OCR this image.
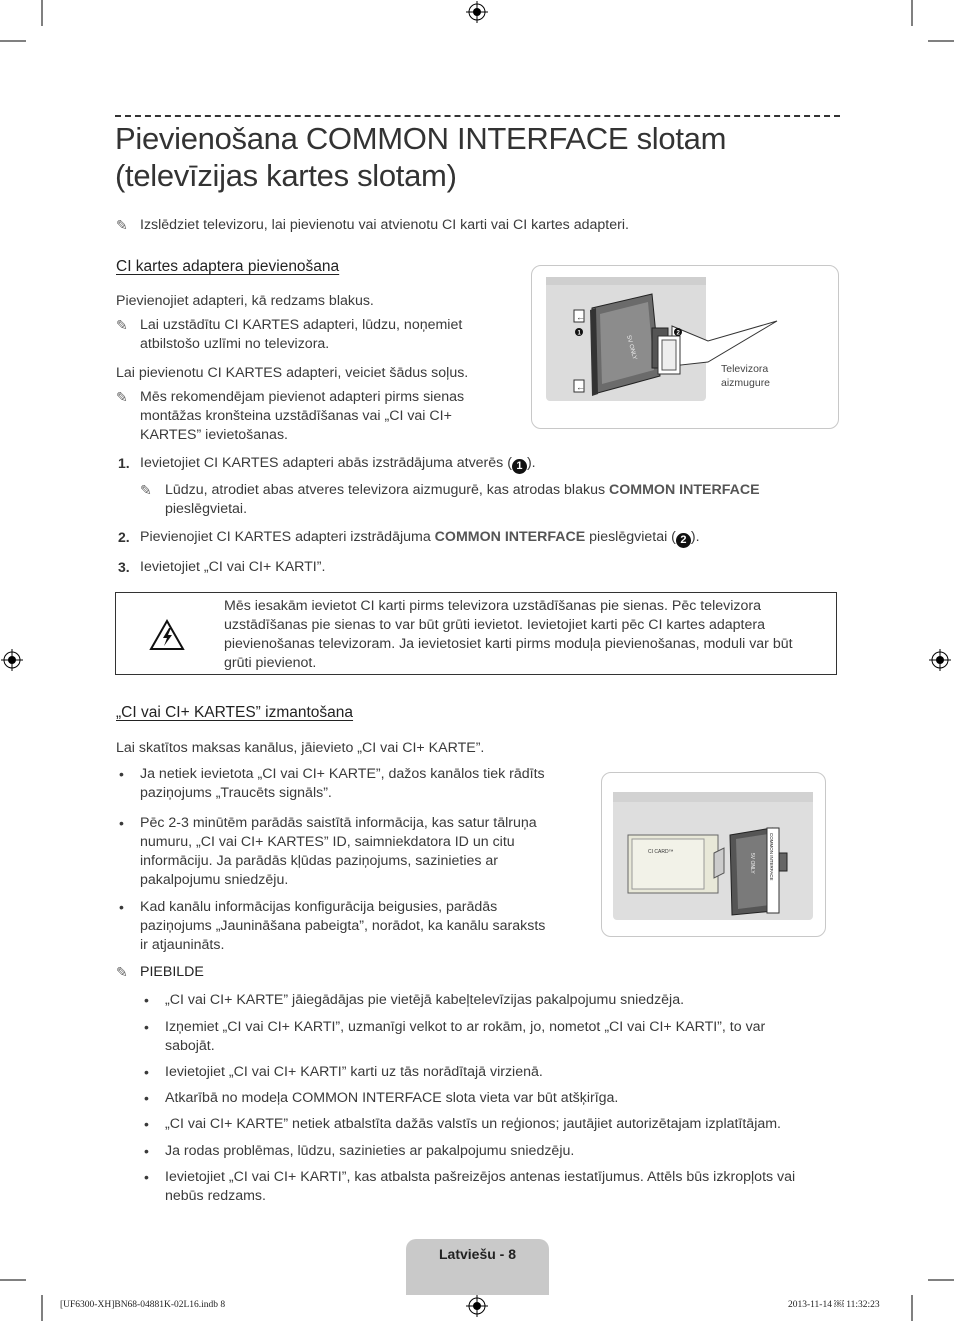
Pievienošana COMMON INTERFACE slotam
(televīzijas kartes slotam)
✎ Izslēdziet televizoru, lai pievienotu vai atvienotu CI karti vai CI kartes adapteri.
CI kartes adaptera pievienošana
Pievienojiet adapteri, kā redzams blakus.
✎ Lai uzstādītu CI KARTES adapteri, lūdzu, noņemiet
atbilstošo uzlīmi no televizora.
Lai pievienotu CI KARTES adapteri, veiciet šādus soļus.
✎ Mēs rekomendējam pievienot adapteri pirms sienas
montāžas kronšteina uzstādīšanas vai „CI vai CI+
KARTES” ievietošanas.
1. Ievietojiet CI KARTES adapteri abās izstrādājuma atverēs ( 1 ).
✎ Lūdzu, atrodiet abas atveres televizora aizmugurē, kas atrodas blakus COMMON INTERFACE
pieslēgvietai.
2. Pievienojiet CI KARTES adapteri izstrādājuma COMMON INTERFACE pieslēgvietai ( 2 ).
3. Ievietojiet „CI vai CI+ KARTI”.
5V ONLY
←
←
1	2
Televizora
aizmugure
Mēs iesakām ievietot CI karti pirms televizora uzstādīšanas pie sienas. Pēc televizora
uzstādīšanas pie sienas to var būt grūti ievietot. Ievietojiet karti pēc CI kartes adaptera
pievienošanas televizoram. Ja ievietosiet karti pirms moduļa pievienošanas, moduli var būt
grūti pievienot.
„CI vai CI+ KARTES” izmantošana
Lai skatītos maksas kanālus, jāievieto „CI vai CI+ KARTE”.
• Ja netiek ievietota „CI vai CI+ KARTE”, dažos kanālos tiek rādīts
paziņojums „Traucēts signāls”.
• Pēc 2-3 minūtēm parādās saistītā informācija, kas satur tālruņa
numuru, „CI vai CI+ KARTES” ID, saimniekdatora ID un citu
informāciju. Ja parādās kļūdas paziņojums, sazinieties ar
pakalpojumu sniedzēju.
• Kad kanālu informācijas konfigurācija beigusies, parādās
paziņojums „Jaunināšana pabeigta”, norādot, ka kanālu saraksts
ir atjaunināts.
CI CARD™
5V ONLY	COMMON INTERFACE
✎ PIEBILDE
• „CI vai CI+ KARTE” jāiegādājas pie vietējā kabeļtelevīzijas pakalpojumu sniedzēja.
• Izņemiet „CI vai CI+ KARTI”, uzmanīgi velkot to ar rokām, jo, nometot „CI vai CI+ KARTI”, to var
sabojāt.
• Ievietojiet „CI vai CI+ KARTI” karti uz tās norādītajā virzienā.
• Atkarībā no modeļa COMMON INTERFACE slota vieta var būt atšķirīga.
• „CI vai CI+ KARTE” netiek atbalstīta dažās valstīs un reģionos; jautājiet autorizētajam izplatītājam.
• Ja rodas problēmas, lūdzu, sazinieties ar pakalpojumu sniedzēju.
• Ievietojiet „CI vai CI+ KARTI”, kas atbalsta pašreizējos antenas iestatījumus. Attēls būs izkropļots vai
nebūs redzams.
Latviešu - 8
[UF6300-XH]BN68-04881K-02L16.indb 8	2013-11-14 ￼ 11:32:23
